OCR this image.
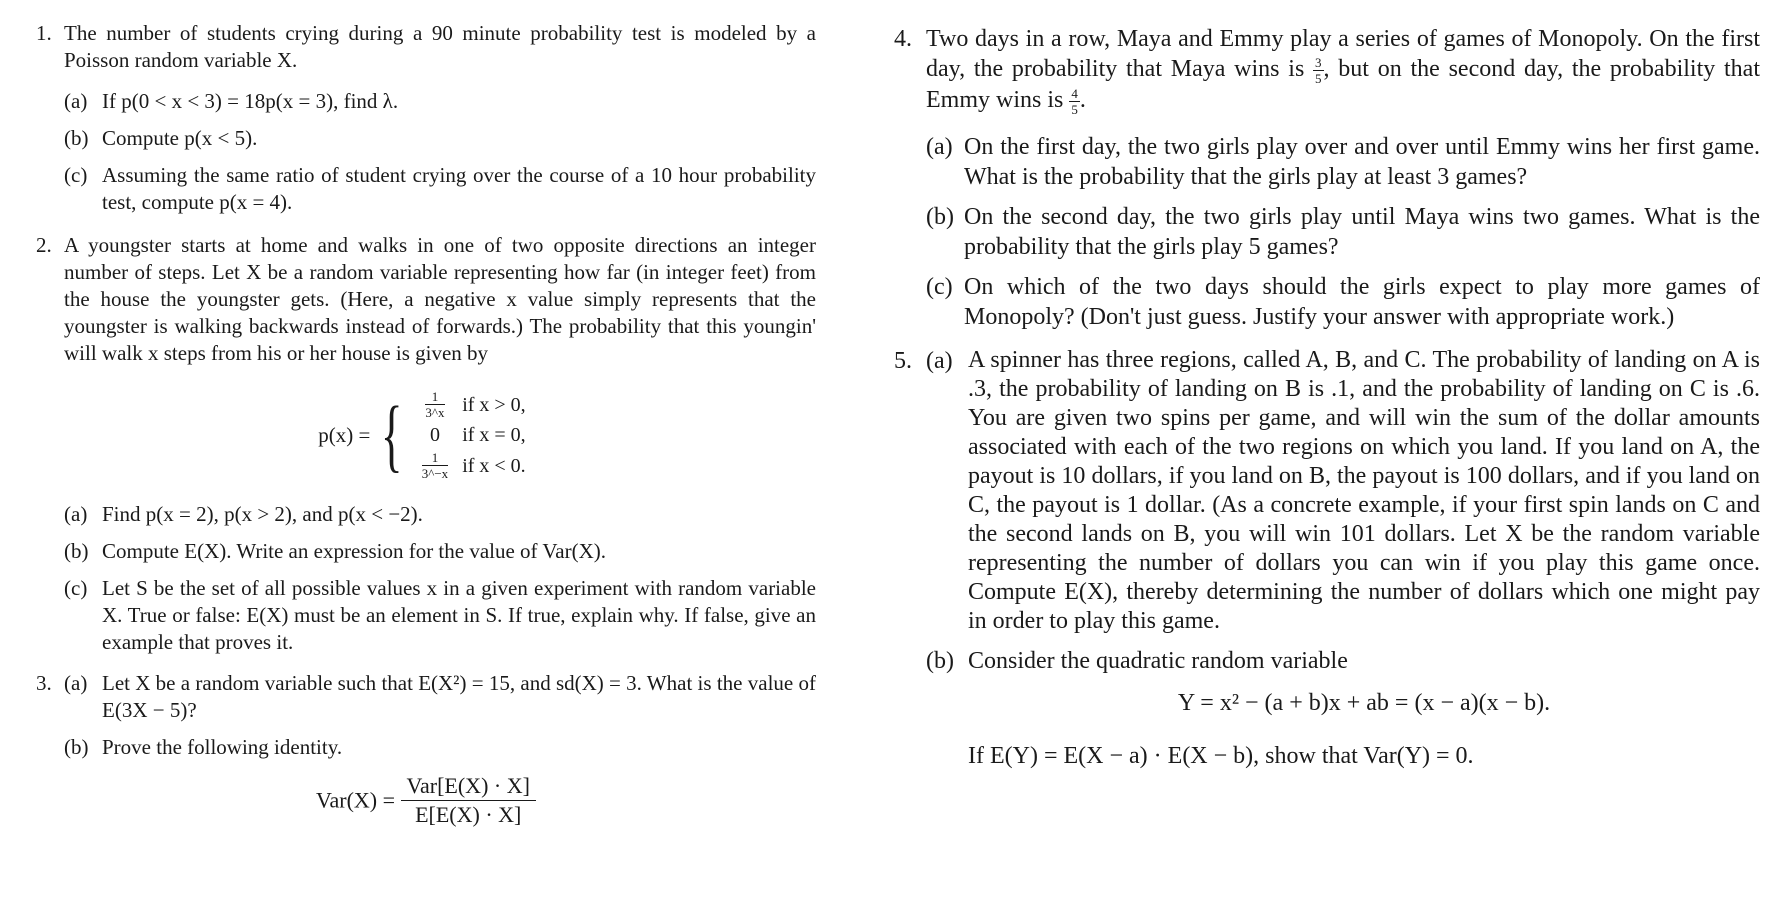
1. The number of students crying during a 90 minute probability test is modeled by a Poisson random variable X.
(a) If p(0 < x < 3) = 18p(x = 3), find λ.
(b) Compute p(x < 5).
(c) Assuming the same ratio of student crying over the course of a 10 hour probability test, compute p(x = 4).
2. A youngster starts at home and walks in one of two opposite directions an integer number of steps. Let X be a random variable representing how far (in integer feet) from the house the youngster gets. (Here, a negative x value simply represents that the youngster is walking backwards instead of forwards.) The probability that this youngin' will walk x steps from his or her house is given by
p(x) = { $\frac{1}{3\^{}x}$	if x > 0,
0	if x = 0,

$\frac{1}{3\^{}-x}$	if x < 0.
(a) Find p(x = 2), p(x > 2), and p(x < −2).
(b) Compute E(X). Write an expression for the value of Var(X).
(c) Let S be the set of all possible values x in a given experiment with random variable X. True or false: E(X) must be an element in S. If true, explain why. If false, give an example that proves it.
3. (a) Let X be a random variable such that E(X²) = 15, and sd(X) = 3. What is the value of E(3X − 5)?
(b) Prove the following identity.
$Var(X) = \frac{\text{Var[E(X) · X]}}{E[E(X) \cdot X]}$
4. Two days in a row, Maya and Emmy play a series of games of Monopoly. On the first day, the probability that Maya wins is $\frac{3}{5}$ , but on the second day, the probability that Emmy wins is $\frac{4}{5}$ .
(a) On the first day, the two girls play over and over until Emmy wins her first game. What is the probability that the girls play at least 3 games?
(b) On the second day, the two girls play until Maya wins two games. What is the probability that the girls play 5 games?
(c) On which of the two days should the girls expect to play more games of Monopoly? (Don't just guess. Justify your answer with appropriate work.)
5. (a) A spinner has three regions, called A, B, and C. The probability of landing on A is .3, the probability of landing on B is .1, and the probability of landing on C is .6. You are given two spins per game, and will win the sum of the dollar amounts associated with each of the two regions on which you land. If you land on A, the payout is 10 dollars, if you land on B, the payout is 100 dollars, and if you land on C, the payout is 1 dollar. (As a concrete example, if your first spin lands on C and the second lands on B, you will win 101 dollars. Let X be the random variable representing the number of dollars you can win if you play this game once. Compute E(X), thereby determining the number of dollars which one might pay in order to play this game.
(b) Consider the quadratic random variable
Y = x² − (a + b)x + ab = (x − a)(x − b).
If E(Y) = E(X − a) · E(X − b), show that Var(Y) = 0.
